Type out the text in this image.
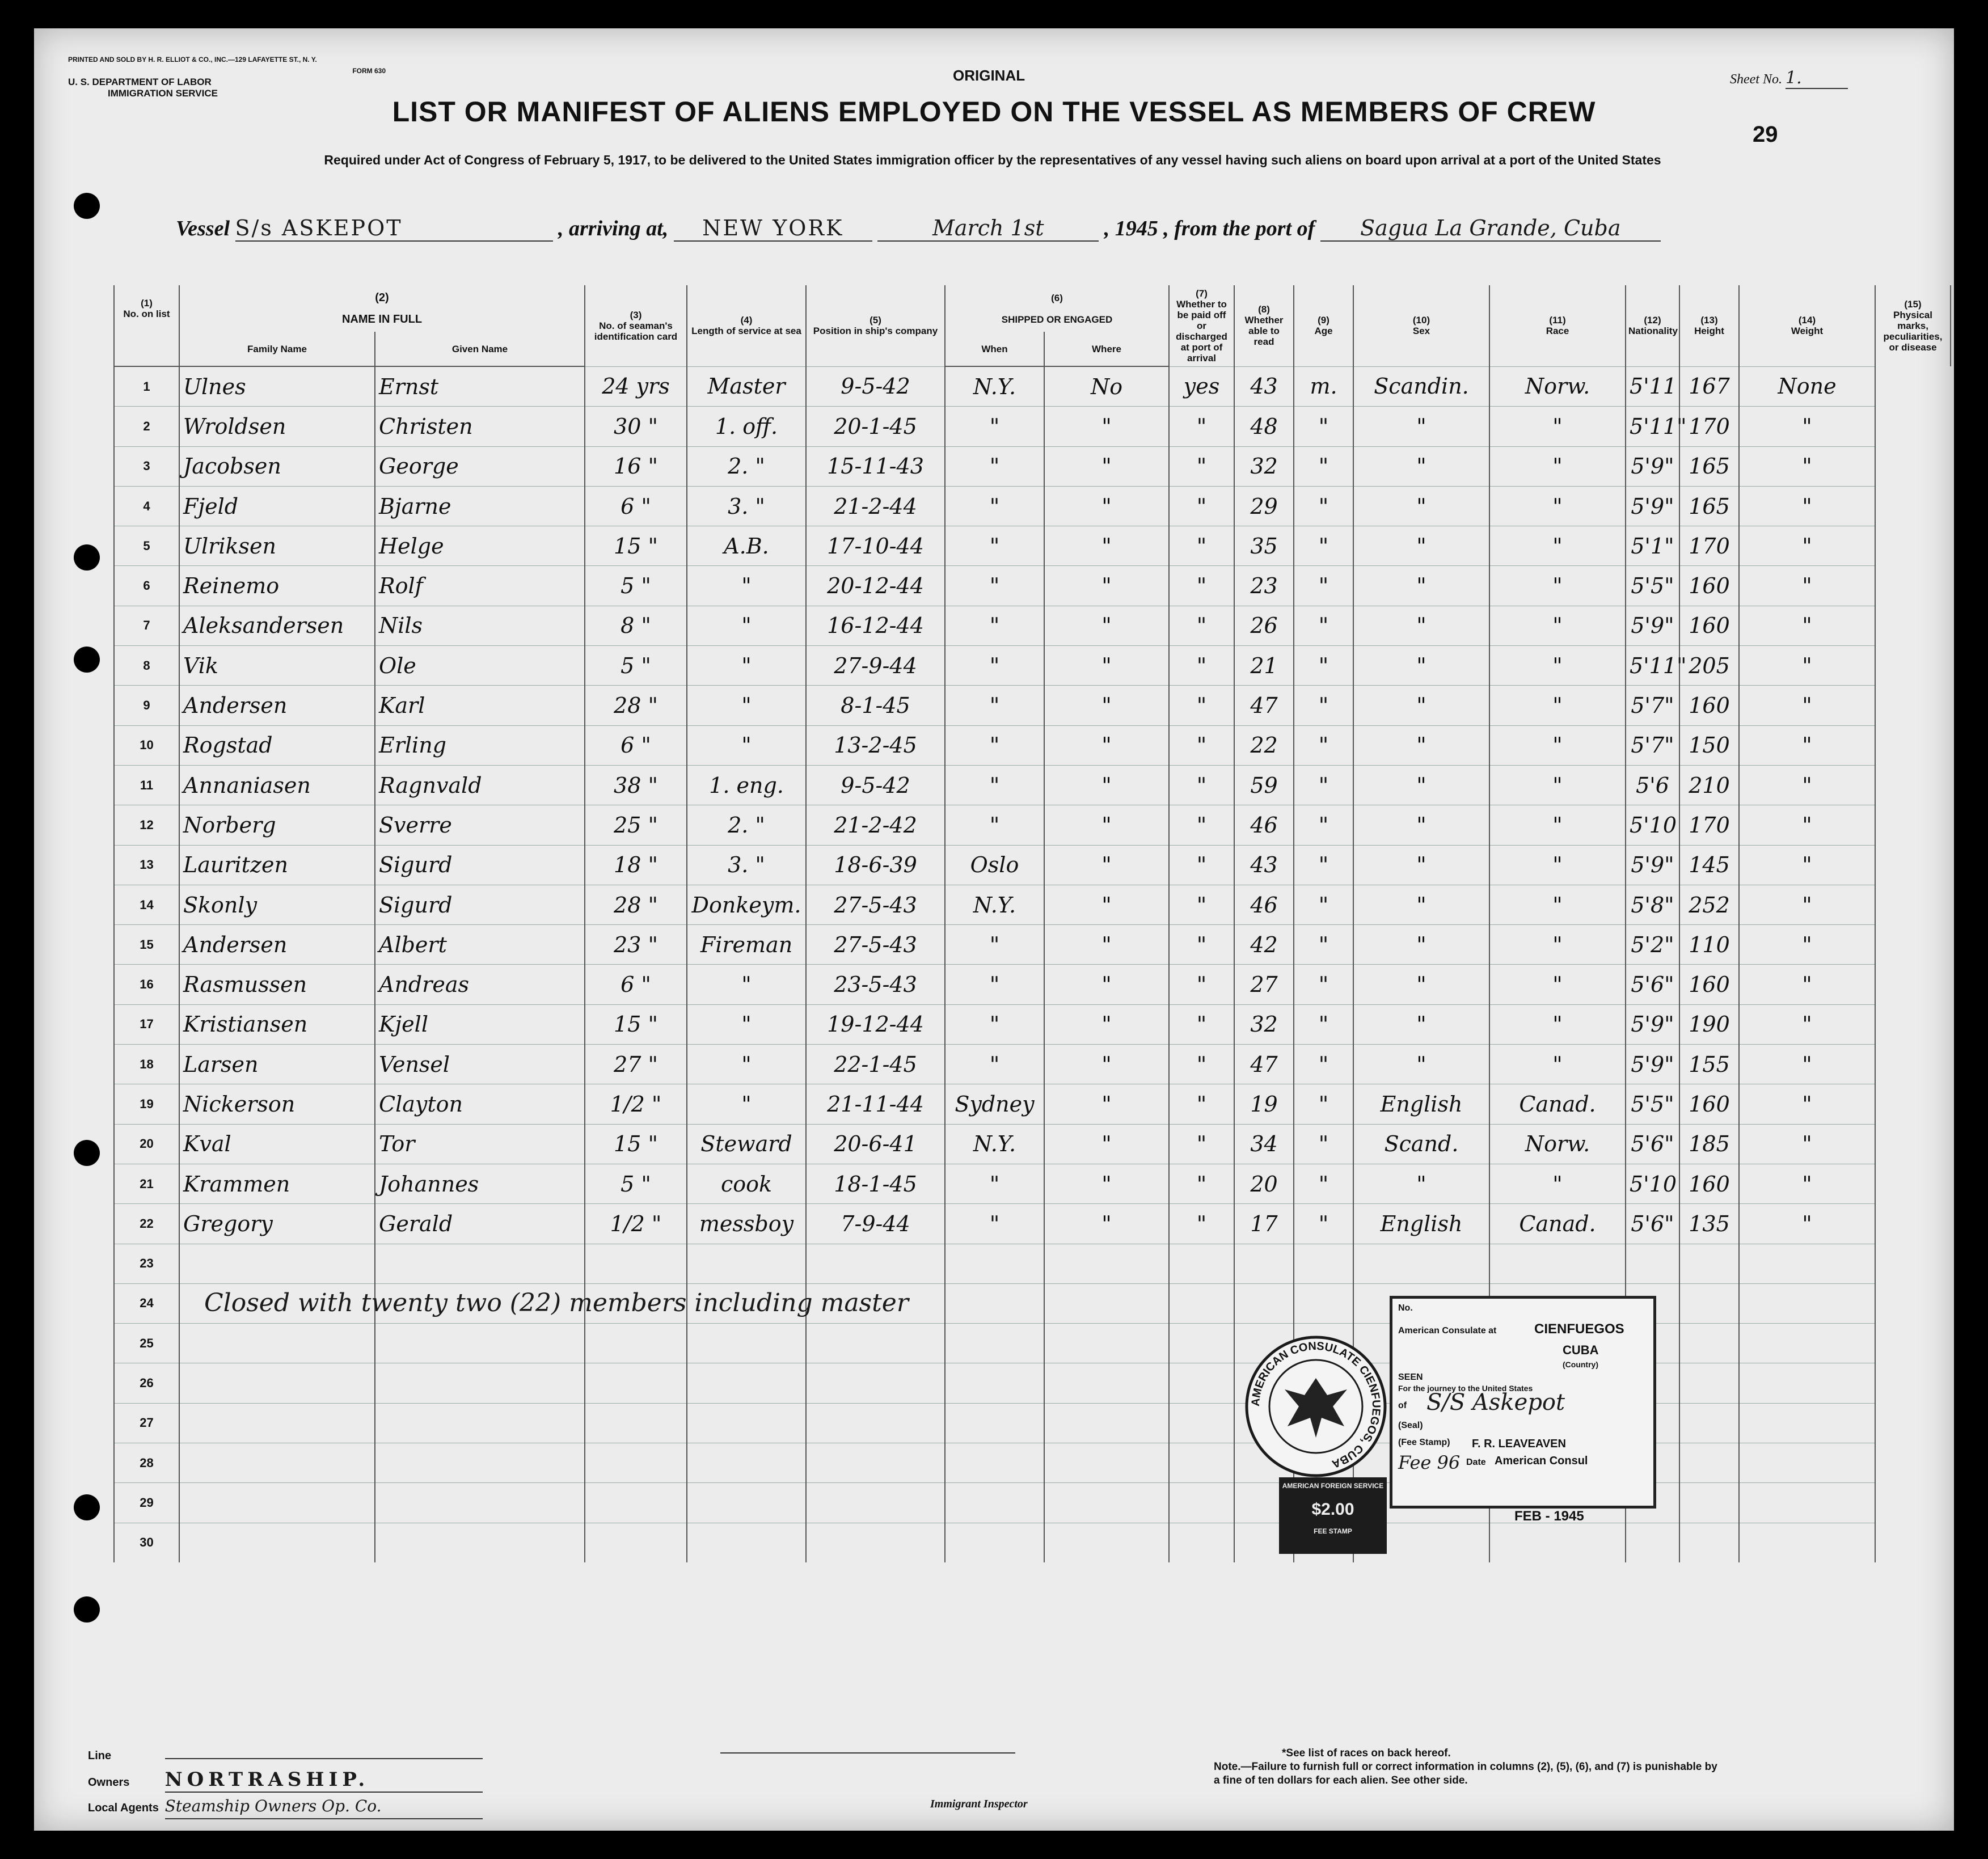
PRINTED AND SOLD BY H. R. ELLIOT & CO., INC.—129 LAFAYETTE ST., N. Y.
FORM 630
U. S. DEPARTMENT OF LABOR
IMMIGRATION SERVICE
ORIGINAL	Sheet No. 1.
LIST OR MANIFEST OF ALIENS EMPLOYED ON THE VESSEL AS MEMBERS OF CREW
29
Required under Act of Congress of February 5, 1917, to be delivered to the United States immigration officer by the representatives of any vessel having such aliens on board upon arrival at a port of the United States
Vessel S/s ASKEPOT	, arriving at, NEW YORK	March 1st	, 1945 , from the port of Sagua La Grande, Cuba
(1)
No. on list	(2)

NAME IN FULL		(3)
No. of seaman's identification card	(4)
Length of service at sea	(5)
Position in ship's company	(6)

SHIPPED OR ENGAGED		(7)
Whether to be paid off or discharged at port of arrival	(8)
Whether able to read	(9)
Age	(10)
Sex	(11)
Race	(12)
Nationality	(13)
Height	(14)
Weight	(15)
Physical marks, peculiarities, or disease
	Family Name	Given Name				When	Where									
1	Ulnes	Ernst	24 yrs	Master	9-5-42	N.Y.	No	yes	43	m.	Scandin.	Norw.	5'11	167	None	
2	Wroldsen	Christen	30 "	1. off.	20-1-45	"	"	"	48	"	"	"	5'11"	170	"	
3	Jacobsen	George	16 "	2. "	15-11-43	"	"	"	32	"	"	"	5'9"	165	"	
4	Fjeld	Bjarne	6 "	3. "	21-2-44	"	"	"	29	"	"	"	5'9"	165	"	
5	Ulriksen	Helge	15 "	A.B.	17-10-44	"	"	"	35	"	"	"	5'1"	170	"	
6	Reinemo	Rolf	5 "	"	20-12-44	"	"	"	23	"	"	"	5'5"	160	"	
7	Aleksandersen	Nils	8 "	"	16-12-44	"	"	"	26	"	"	"	5'9"	160	"	
8	Vik	Ole	5 "	"	27-9-44	"	"	"	21	"	"	"	5'11"	205	"	
9	Andersen	Karl	28 "	"	8-1-45	"	"	"	47	"	"	"	5'7"	160	"	
10	Rogstad	Erling	6 "	"	13-2-45	"	"	"	22	"	"	"	5'7"	150	"	
11	Annaniasen	Ragnvald	38 "	1. eng.	9-5-42	"	"	"	59	"	"	"	5'6	210	"	
12	Norberg	Sverre	25 "	2. "	21-2-42	"	"	"	46	"	"	"	5'10	170	"	
13	Lauritzen	Sigurd	18 "	3. "	18-6-39	Oslo	"	"	43	"	"	"	5'9"	145	"	
14	Skonly	Sigurd	28 "	Donkeym.	27-5-43	N.Y.	"	"	46	"	"	"	5'8"	252	"	
15	Andersen	Albert	23 "	Fireman	27-5-43	"	"	"	42	"	"	"	5'2"	110	"	
16	Rasmussen	Andreas	6 "	"	23-5-43	"	"	"	27	"	"	"	5'6"	160	"	
17	Kristiansen	Kjell	15 "	"	19-12-44	"	"	"	32	"	"	"	5'9"	190	"	
18	Larsen	Vensel	27 "	"	22-1-45	"	"	"	47	"	"	"	5'9"	155	"	
19	Nickerson	Clayton	1/2 "	"	21-11-44	Sydney	"	"	19	"	English	Canad.	5'5"	160	"	
20	Kval	Tor	15 "	Steward	20-6-41	N.Y.	"	"	34	"	Scand.	Norw.	5'6"	185	"	
21	Krammen	Johannes	5 "	cook	18-1-45	"	"	"	20	"	"	"	5'10	160	"	
22	Gregory	Gerald	1/2 "	messboy	7-9-44	"	"	"	17	"	English	Canad.	5'6"	135	"	
23																
24																
25																
26																
27																
28																
29																
30																
Closed with twenty two (22) members including master
AMERICAN CONSULATE CIENFUEGOS, CUBA
No.
American Consulate at	CIENFUEGOS
CUBA
(Country)
SEEN
For the journey to the United States
of S/S Askepot
(Seal)
(Fee Stamp) F. R. LEAVEAVEN
Fee 96 Date American Consul
FEB - 1945
AMERICAN FOREIGN SERVICE
$2.00
FEE STAMP
Line
Owners NORTRASHIP.
Local Agents Steamship Owners Op. Co.	Immigrant Inspector
*See list of races on back hereof.
Note.—Failure to furnish full or correct information in columns (2), (5), (6), and (7) is punishable by a fine of ten dollars for each alien. See other side.
